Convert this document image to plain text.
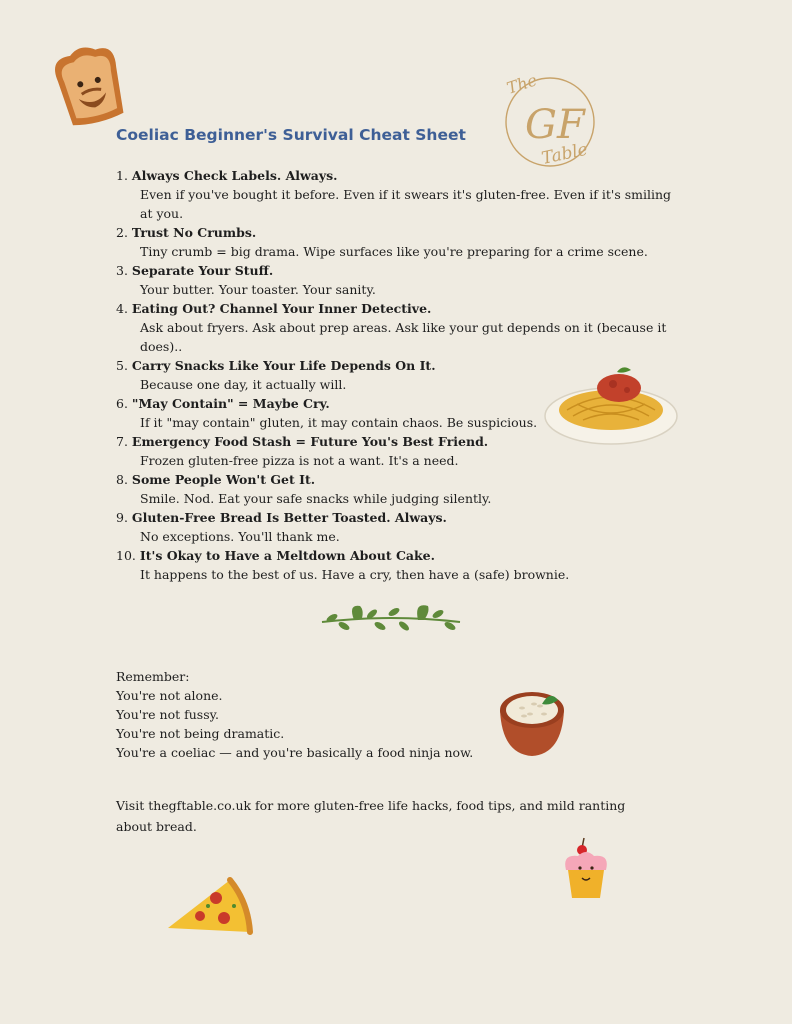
The
GF
Table
Coeliac Beginner's Survival Cheat Sheet
1. Always Check Labels. Always.
Even if you've bought it before. Even if it swears it's gluten-free. Even if it's smiling at you.
2. Trust No Crumbs.
Tiny crumb = big drama. Wipe surfaces like you're preparing for a crime scene.
3. Separate Your Stuff.
Your butter. Your toaster. Your sanity.
4. Eating Out? Channel Your Inner Detective.
Ask about fryers. Ask about prep areas. Ask like your gut depends on it (because it does)..
5. Carry Snacks Like Your Life Depends On It.
Because one day, it actually will.
6. "May Contain" = Maybe Cry.
If it "may contain" gluten, it may contain chaos. Be suspicious.
7. Emergency Food Stash = Future You's Best Friend.
Frozen gluten-free pizza is not a want. It's a need.
8. Some People Won't Get It.
Smile. Nod. Eat your safe snacks while judging silently.
9. Gluten-Free Bread Is Better Toasted. Always.
No exceptions. You'll thank me.
10. It's Okay to Have a Meltdown About Cake.
It happens to the best of us. Have a cry, then have a (safe) brownie.
Remember:
You're not alone.
You're not fussy.
You're not being dramatic.
You're a coeliac — and you're basically a food ninja now.
Visit thegftable.co.uk for more gluten-free life hacks, food tips, and mild ranting about bread.
